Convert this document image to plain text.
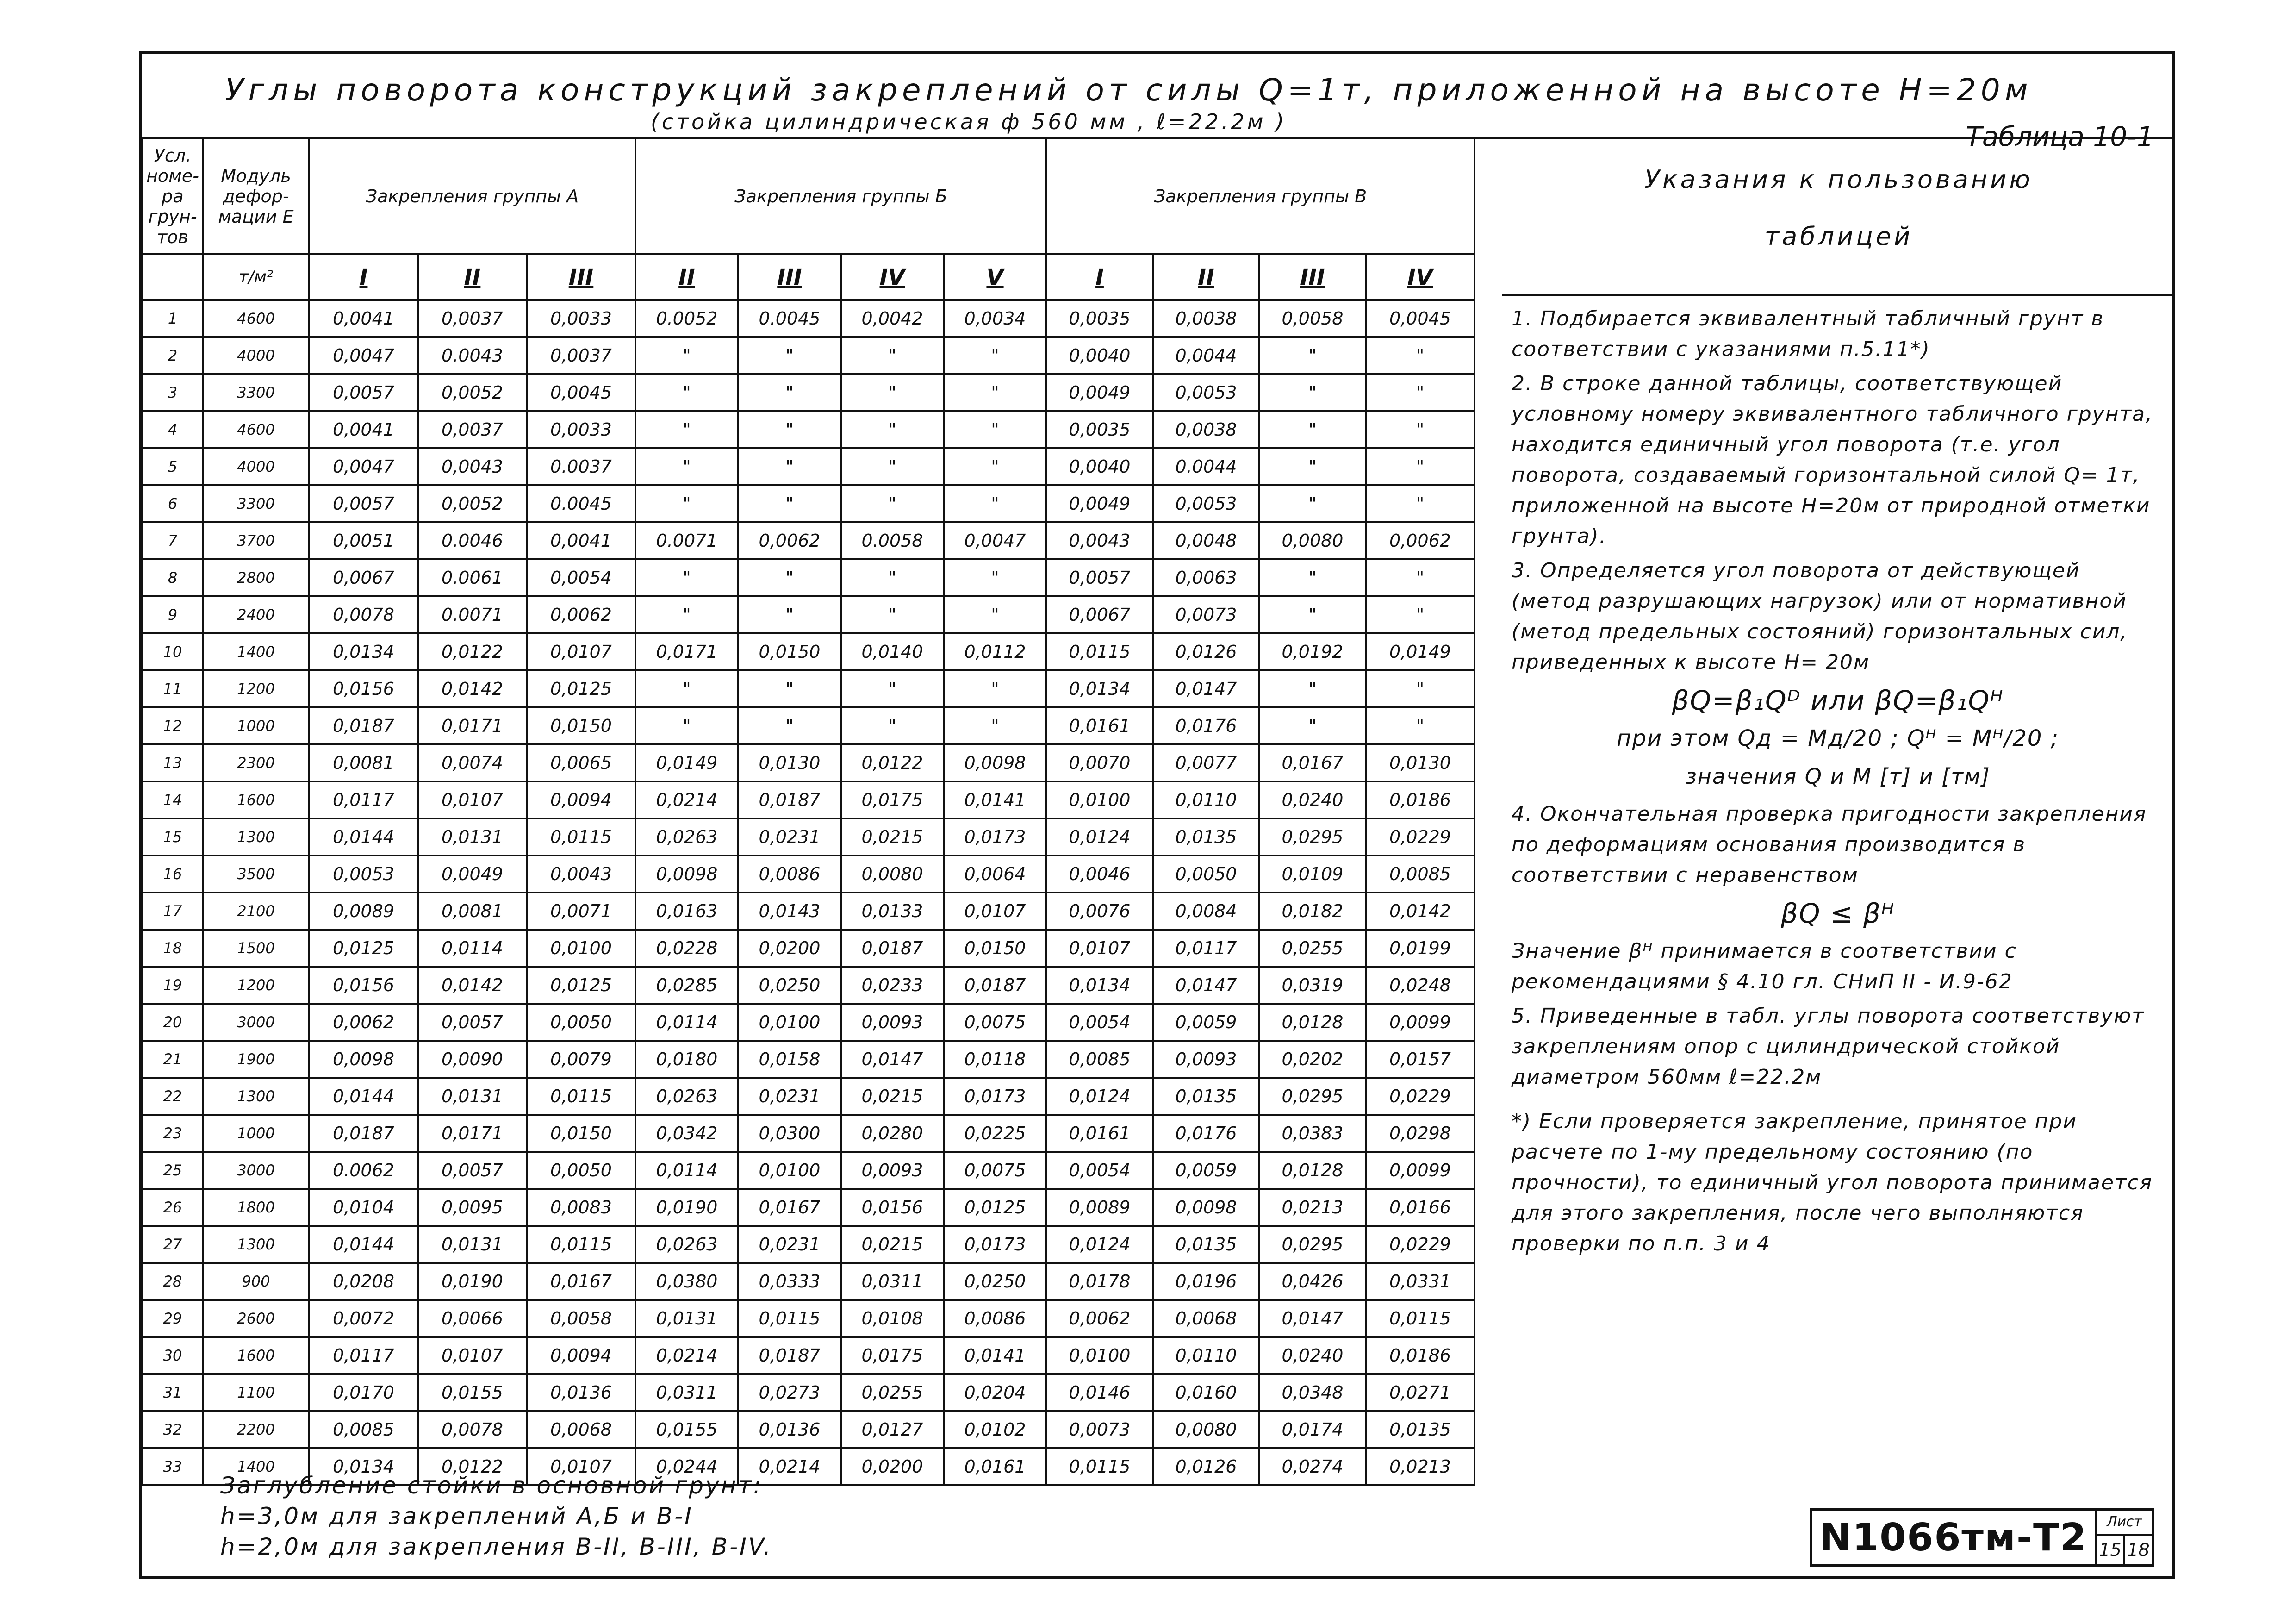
Углы поворота конструкций закреплений от силы Q=1т, приложенной на высоте H=20м
(стойка цилиндрическая ф 560 мм , ℓ=22.2м )	Таблица 10-1
Усл. номе- ра грун- тов	Модуль дефор- мации E	Закрепления группы А			Закрепления группы Б				Закрепления группы В			
	т/м²	I	II	III	II	III	IV	V	I	II	III	IV
1	4600	0,0041	0,0037	0,0033	0.0052	0.0045	0,0042	0,0034	0,0035	0,0038	0,0058	0,0045
2	4000	0,0047	0.0043	0,0037	"	"	"	"	0,0040	0,0044	"	"
3	3300	0,0057	0,0052	0,0045	"	"	"	"	0,0049	0,0053	"	"
4	4600	0,0041	0,0037	0,0033	"	"	"	"	0,0035	0,0038	"	"
5	4000	0,0047	0,0043	0.0037	"	"	"	"	0,0040	0.0044	"	"
6	3300	0,0057	0,0052	0.0045	"	"	"	"	0,0049	0,0053	"	"
7	3700	0,0051	0.0046	0,0041	0.0071	0,0062	0.0058	0,0047	0,0043	0,0048	0,0080	0,0062
8	2800	0,0067	0.0061	0,0054	"	"	"	"	0,0057	0,0063	"	"
9	2400	0,0078	0.0071	0,0062	"	"	"	"	0,0067	0,0073	"	"
10	1400	0,0134	0,0122	0,0107	0,0171	0,0150	0,0140	0,0112	0,0115	0,0126	0,0192	0,0149
11	1200	0,0156	0,0142	0,0125	"	"	"	"	0,0134	0,0147	"	"
12	1000	0,0187	0,0171	0,0150	"	"	"	"	0,0161	0,0176	"	"
13	2300	0,0081	0,0074	0,0065	0,0149	0,0130	0,0122	0,0098	0,0070	0,0077	0,0167	0,0130
14	1600	0,0117	0,0107	0,0094	0,0214	0,0187	0,0175	0,0141	0,0100	0,0110	0,0240	0,0186
15	1300	0,0144	0,0131	0,0115	0,0263	0,0231	0,0215	0,0173	0,0124	0,0135	0,0295	0,0229
16	3500	0,0053	0,0049	0,0043	0,0098	0,0086	0,0080	0,0064	0,0046	0,0050	0,0109	0,0085
17	2100	0,0089	0,0081	0,0071	0,0163	0,0143	0,0133	0,0107	0,0076	0,0084	0,0182	0,0142
18	1500	0,0125	0,0114	0,0100	0,0228	0,0200	0,0187	0,0150	0,0107	0,0117	0,0255	0,0199
19	1200	0,0156	0,0142	0,0125	0,0285	0,0250	0,0233	0,0187	0,0134	0,0147	0,0319	0,0248
20	3000	0,0062	0,0057	0,0050	0,0114	0,0100	0,0093	0,0075	0,0054	0,0059	0,0128	0,0099
21	1900	0,0098	0,0090	0,0079	0,0180	0,0158	0,0147	0,0118	0,0085	0,0093	0,0202	0,0157
22	1300	0,0144	0,0131	0,0115	0,0263	0,0231	0,0215	0,0173	0,0124	0,0135	0,0295	0,0229
23	1000	0,0187	0,0171	0,0150	0,0342	0,0300	0,0280	0,0225	0,0161	0,0176	0,0383	0,0298
25	3000	0.0062	0,0057	0,0050	0,0114	0,0100	0,0093	0,0075	0,0054	0,0059	0,0128	0,0099
26	1800	0,0104	0,0095	0,0083	0,0190	0,0167	0,0156	0,0125	0,0089	0,0098	0,0213	0,0166
27	1300	0,0144	0,0131	0,0115	0,0263	0,0231	0,0215	0,0173	0,0124	0,0135	0,0295	0,0229
28	900	0,0208	0,0190	0,0167	0,0380	0,0333	0,0311	0,0250	0,0178	0,0196	0,0426	0,0331
29	2600	0,0072	0,0066	0,0058	0,0131	0,0115	0,0108	0,0086	0,0062	0,0068	0,0147	0,0115
30	1600	0,0117	0,0107	0,0094	0,0214	0,0187	0,0175	0,0141	0,0100	0,0110	0,0240	0,0186
31	1100	0,0170	0,0155	0,0136	0,0311	0,0273	0,0255	0,0204	0,0146	0,0160	0,0348	0,0271
32	2200	0,0085	0,0078	0,0068	0,0155	0,0136	0,0127	0,0102	0,0073	0,0080	0,0174	0,0135
33	1400	0,0134	0,0122	0,0107	0,0244	0,0214	0,0200	0,0161	0,0115	0,0126	0,0274	0,0213
Указания к пользованию
таблицей

1. Подбирается эквивалентный табличный грунт в соответствии с указаниями п.5.11*)

2. В строке данной таблицы, соответствующей условному номеру эквивалентного табличного грунта, находится единичный угол поворота (т.е. угол поворота, создаваемый горизонтальной силой Q= 1т, приложенной на высоте H=20м от природной отметки грунта).

3. Определяется угол поворота от действующей (метод разрушающих нагрузок) или от нормативной (метод предельных состояний) горизонтальных сил, приведенных к высоте H= 20м

βQ=β₁Qᴰ или βQ=β₁Qᴴ
при этом Qд = Mд/20 ; Qᴴ = Mᴴ/20 ;
значения Q и M [т] и [тм]

4. Окончательная проверка пригодности закрепления по деформациям основания производится в соответствии с неравенством

βQ ≤ βᴴ

Значение βᴴ принимается в соответствии с рекомендациями § 4.10 гл. СНиП II - И.9-62

5. Приведенные в табл. углы поворота соответствуют закреплениям опор с цилиндрической стойкой диаметром 560мм ℓ=22.2м

*) Если проверяется закрепление, принятое при расчете по 1-му предельному состоянию (по прочности), то единичный угол поворота принимается для этого закрепления, после чего выполняются проверки по п.п. 3 и 4

Заглубление стойки в основной грунт:
h=3,0м для закреплений А,Б и В-I
h=2,0м для закрепления В-II, В-III, В-IV.	N1066тм-Т2	Лист
15 18
